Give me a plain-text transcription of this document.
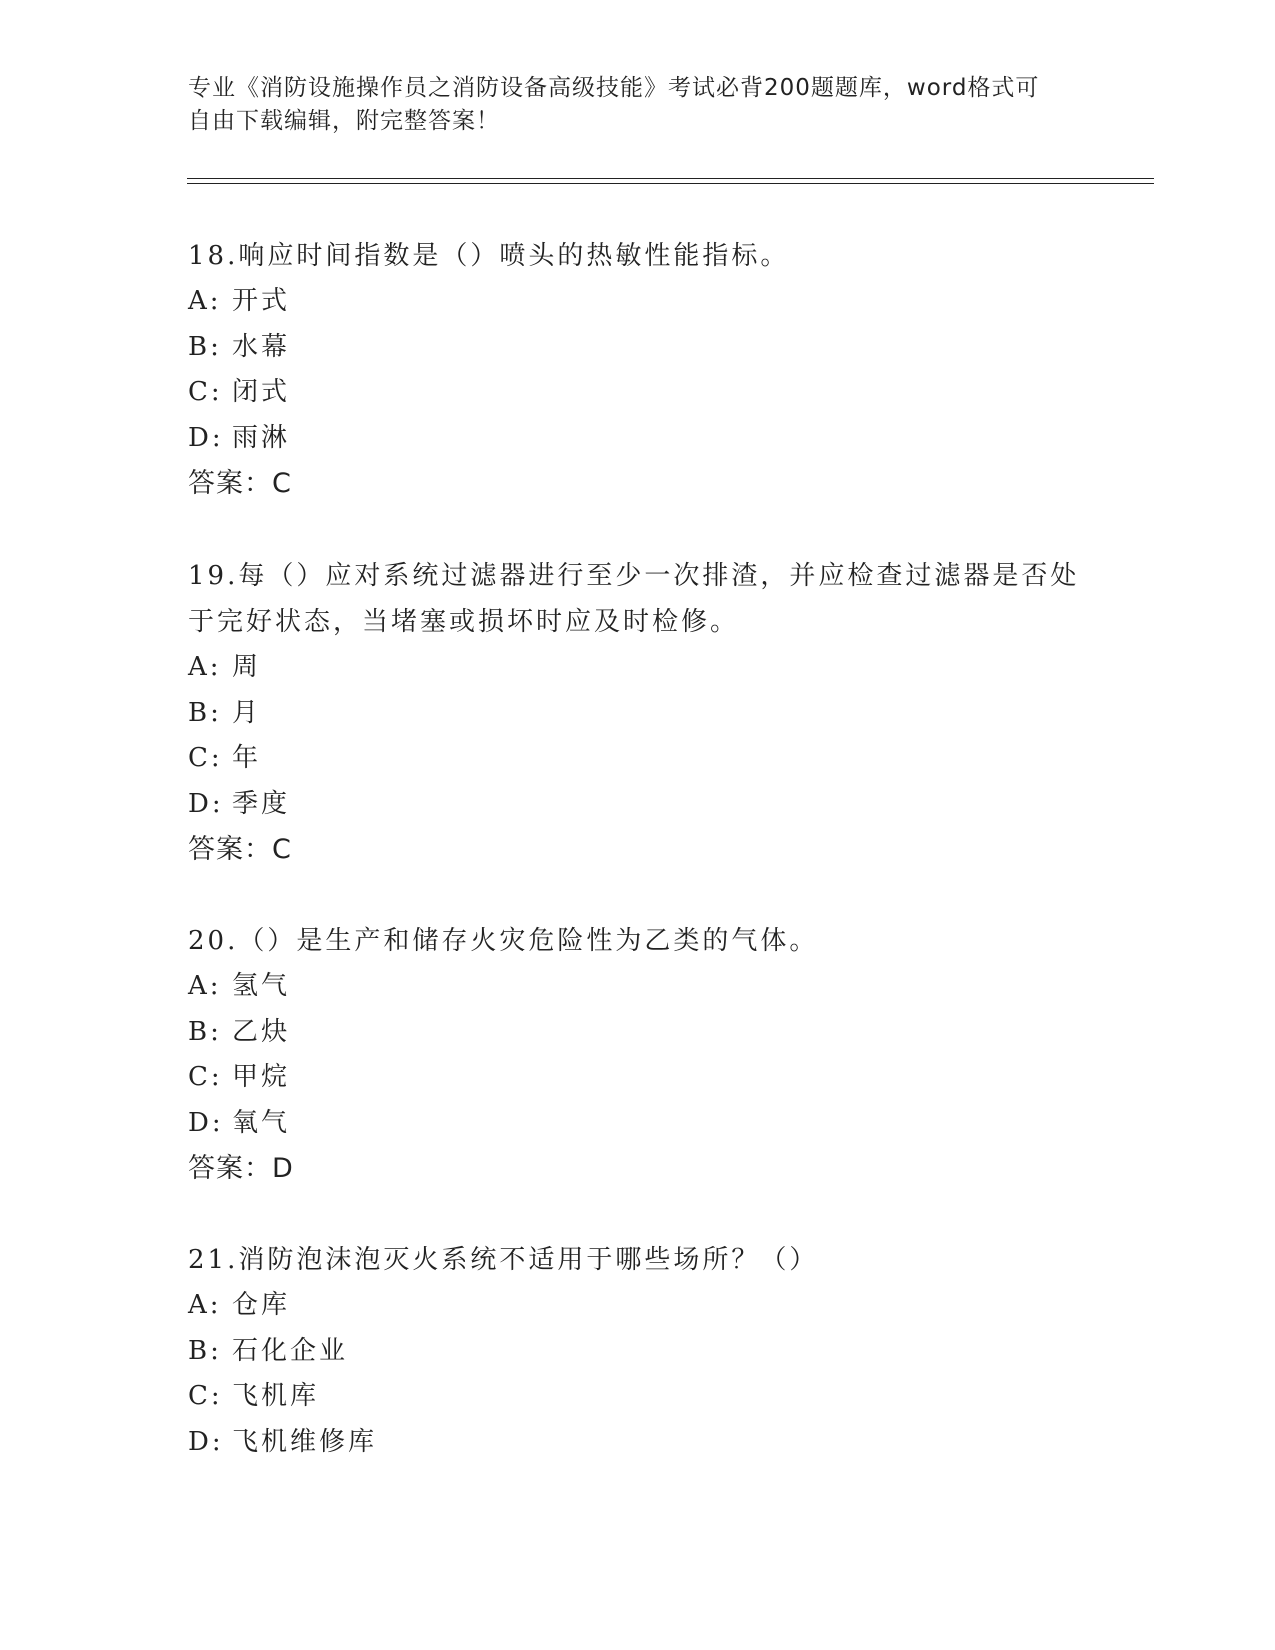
专业《消防设施操作员之消防设备高级技能》考试必背200题题库，word格式可
自由下载编辑，附完整答案！

18.响应时间指数是（）喷头的热敏性能指标。

A: 开式

B: 水幕

C: 闭式

D: 雨淋

答案：C

19.每（）应对系统过滤器进行至少一次排渣，并应检查过滤器是否处

于完好状态，当堵塞或损坏时应及时检修。

A: 周

B: 月

C: 年

D: 季度

答案：C

20.（）是生产和储存火灾危险性为乙类的气体。

A: 氢气

B: 乙炔

C: 甲烷

D: 氧气

答案：D

21.消防泡沫泡灭火系统不适用于哪些场所？（）

A: 仓库

B: 石化企业

C: 飞机库

D: 飞机维修库
